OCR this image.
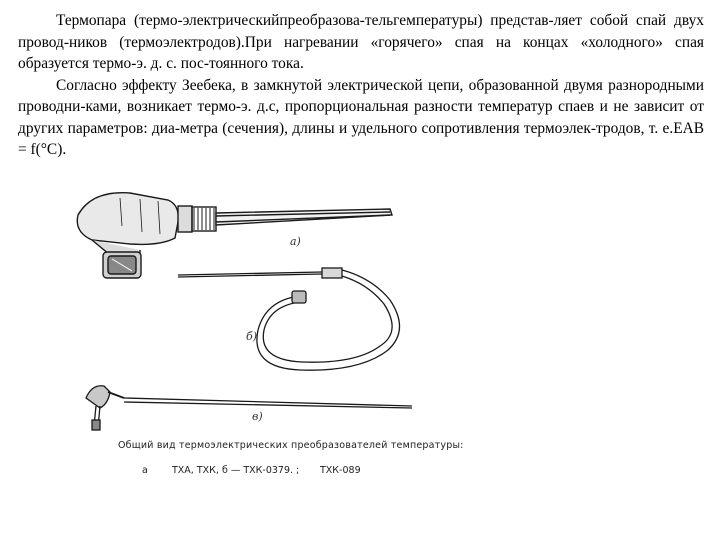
Термопара (термо-электрическийпреобразова-тельгемпературы) представ-ляет собой спай двух провод-ников (термоэлектродов).При нагревании «горячего» спая на концах «холодного» спая образуется термо-э. д. с. пос-тоянного тока.

Согласно эффекту Зеебека, в замкнутой электрической цепи, образованной двумя разнородными проводни-ками, возникает термо-э. д.с, пропорциональная разности температур спаев и не зависит от других параметров: диа-метра (сечения), длины и удельного сопротивления термоэлек-тродов, т. е.EAB = f(°C).

a)
б)
в)
Общий вид термоэлектрических преобразователей температуры:
а	ТХА, ТХК, б — ТХК-0379. ; ТХК-089
